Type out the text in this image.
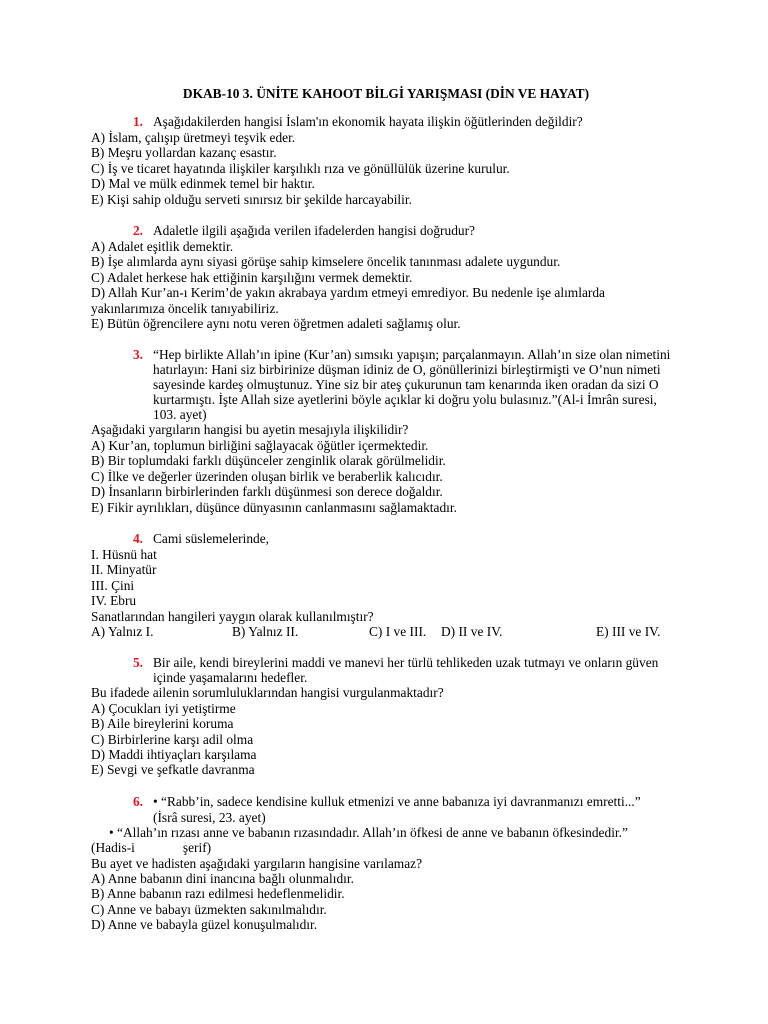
DKAB-10 3. ÜNİTE KAHOOT BİLGİ YARIŞMASI (DİN VE HAYAT)
1. Aşağıdakilerden hangisi İslam'ın ekonomik hayata ilişkin öğütlerinden değildir?
A) İslam, çalışıp üretmeyi teşvik eder.
B) Meşru yollardan kazanç esastır.
C) İş ve ticaret hayatında ilişkiler karşılıklı rıza ve gönüllülük üzerine kurulur.
D) Mal ve mülk edinmek temel bir haktır.
E) Kişi sahip olduğu serveti sınırsız bir şekilde harcayabilir.
2. Adaletle ilgili aşağıda verilen ifadelerden hangisi doğrudur?
A) Adalet eşitlik demektir.
B) İşe alımlarda aynı siyasi görüşe sahip kimselere öncelik tanınması adalete uygundur.
C) Adalet herkese hak ettiğinin karşılığını vermek demektir.
D) Allah Kur’an-ı Kerim’de yakın akrabaya yardım etmeyi emrediyor. Bu nedenle işe alımlarda yakınlarımıza öncelik tanıyabiliriz.
E) Bütün öğrencilere aynı notu veren öğretmen adaleti sağlamış olur.
3. “Hep birlikte Allah’ın ipine (Kur’an) sımsıkı yapışın; parçalanmayın. Allah’ın size olan nimetini hatırlayın: Hani siz birbirinize düşman idiniz de O, gönüllerinizi birleştirmişti ve O’nun nimeti sayesinde kardeş olmuştunuz. Yine siz bir ateş çukurunun tam kenarında iken oradan da sizi O kurtarmıştı. İşte Allah size ayetlerini böyle açıklar ki doğru yolu bulasınız.”(Al-i İmrân suresi, 103. ayet)
Aşağıdaki yargıların hangisi bu ayetin mesajıyla ilişkilidir?
A) Kur’an, toplumun birliğini sağlayacak öğütler içermektedir.
B) Bir toplumdaki farklı düşünceler zenginlik olarak görülmelidir.
C) İlke ve değerler üzerinden oluşan birlik ve beraberlik kalıcıdır.
D) İnsanların birbirlerinden farklı düşünmesi son derece doğaldır.
E) Fikir ayrılıkları, düşünce dünyasının canlanmasını sağlamaktadır.
4. Cami süslemelerinde,
I. Hüsnü hat
II. Minyatür
III. Çini
IV. Ebru
Sanatlarından hangileri yaygın olarak kullanılmıştır?
A) Yalnız I.	B) Yalnız II.	C) I ve III.	D) II ve IV.	E) III ve IV.
5. Bir aile, kendi bireylerini maddi ve manevi her türlü tehlikeden uzak tutmayı ve onların güven içinde yaşamalarını hedefler.
Bu ifadede ailenin sorumluluklarından hangisi vurgulanmaktadır?
A) Çocukları iyi yetiştirme
B) Aile bireylerini koruma
C) Birbirlerine karşı adil olma
D) Maddi ihtiyaçları karşılama
E) Sevgi ve şefkatle davranma
6. • “Rabb’in, sadece kendisine kulluk etmenizi ve anne babanıza iyi davranmanızı emretti...”
(İsrâ suresi, 23. ayet)
• “Allah’ın rızası anne ve babanın rızasındadır. Allah’ın öfkesi de anne ve babanın öfkesindedir.”
(Hadis-i	şerif)
Bu ayet ve hadisten aşağıdaki yargıların hangisine varılamaz?
A) Anne babanın dini inancına bağlı olunmalıdır.
B) Anne babanın razı edilmesi hedeflenmelidir.
C) Anne ve babayı üzmekten sakınılmalıdır.
D) Anne ve babayla güzel konuşulmalıdır.
